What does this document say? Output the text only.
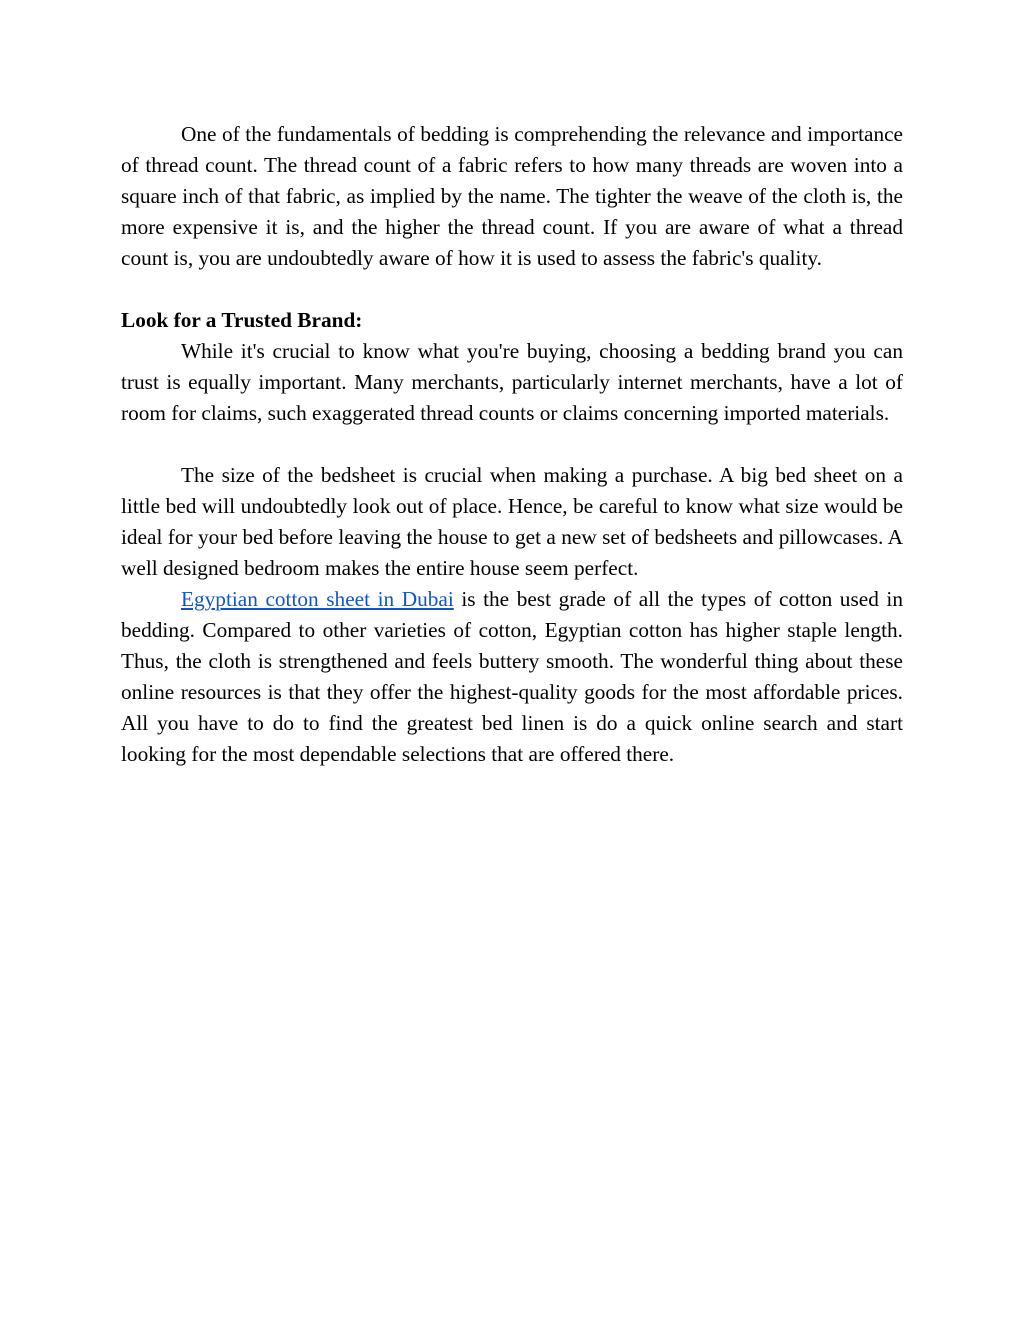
One of the fundamentals of bedding is comprehending the relevance and importance of thread count. The thread count of a fabric refers to how many threads are woven into a square inch of that fabric, as implied by the name. The tighter the weave of the cloth is, the more expensive it is, and the higher the thread count. If you are aware of what a thread count is, you are undoubtedly aware of how it is used to assess the fabric's quality.

Look for a Trusted Brand:

While it's crucial to know what you're buying, choosing a bedding brand you can trust is equally important. Many merchants, particularly internet merchants, have a lot of room for claims, such exaggerated thread counts or claims concerning imported materials.

The size of the bedsheet is crucial when making a purchase. A big bed sheet on a little bed will undoubtedly look out of place. Hence, be careful to know what size would be ideal for your bed before leaving the house to get a new set of bedsheets and pillowcases. A well designed bedroom makes the entire house seem perfect.

Egyptian cotton sheet in Dubai is the best grade of all the types of cotton used in bedding. Compared to other varieties of cotton, Egyptian cotton has higher staple length. Thus, the cloth is strengthened and feels buttery smooth. The wonderful thing about these online resources is that they offer the highest-quality goods for the most affordable prices. All you have to do to find the greatest bed linen is do a quick online search and start looking for the most dependable selections that are offered there.
